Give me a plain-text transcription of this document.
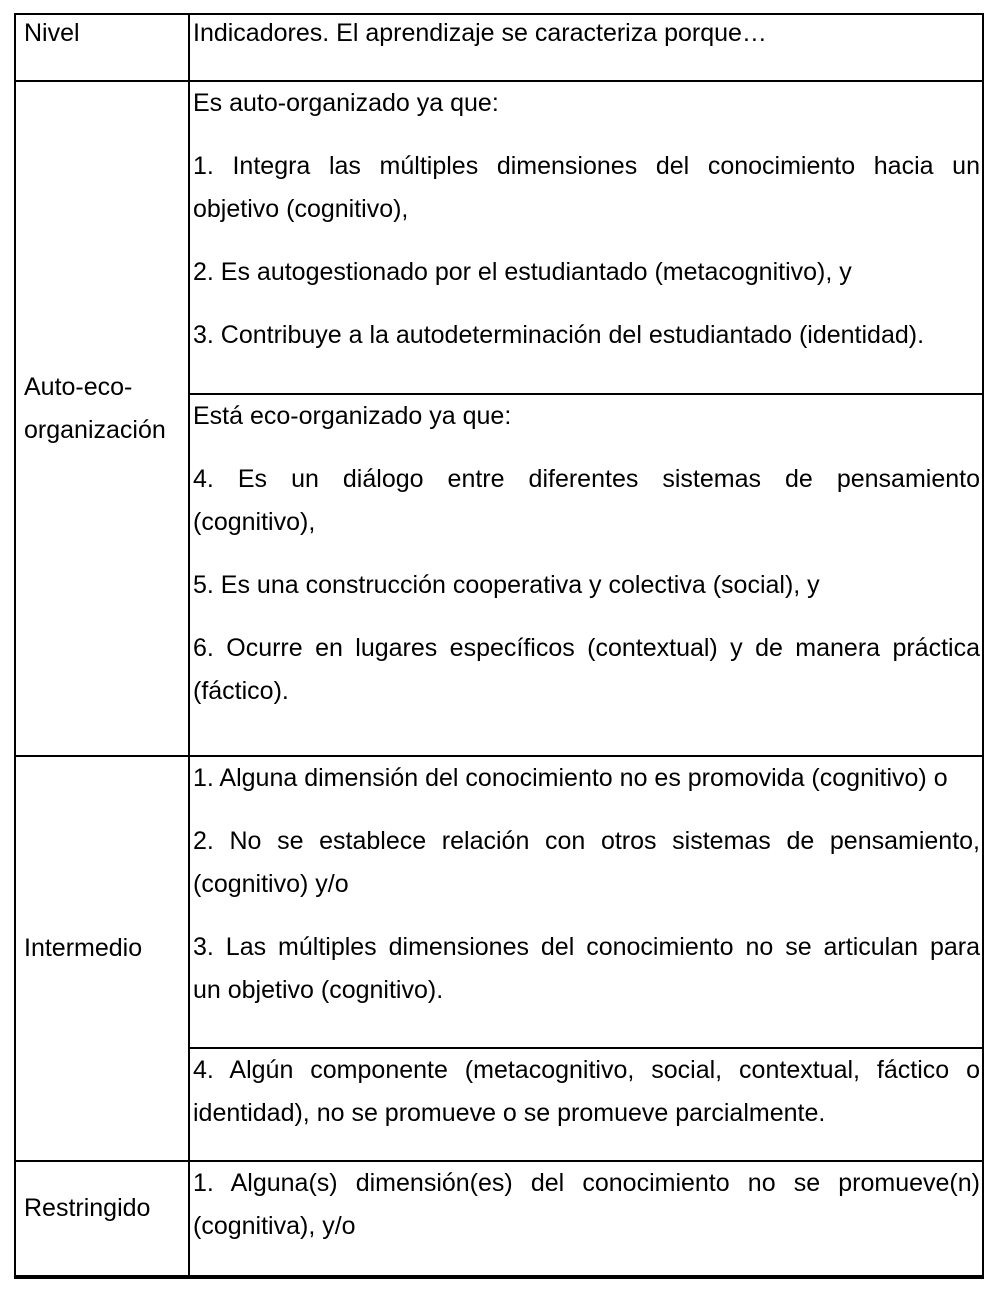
Nivel	Indicadores. El aprendizaje se caracteriza porque…
Auto-eco-organización
Es auto-organizado ya que:
1. Integra las múltiples dimensiones del conocimiento hacia un
objetivo (cognitivo),
2. Es autogestionado por el estudiantado (metacognitivo), y
3. Contribuye a la autodeterminación del estudiantado (identidad).
Está eco-organizado ya que:
4. Es un diálogo entre diferentes sistemas de pensamiento
(cognitivo),
5. Es una construcción cooperativa y colectiva (social), y
6. Ocurre en lugares específicos (contextual) y de manera práctica
(fáctico).
Intermedio
1. Alguna dimensión del conocimiento no es promovida (cognitivo) o
2. No se establece relación con otros sistemas de pensamiento,
(cognitivo) y/o
3. Las múltiples dimensiones del conocimiento no se articulan para
un objetivo (cognitivo).
4. Algún componente (metacognitivo, social, contextual, fáctico o
identidad), no se promueve o se promueve parcialmente.
Restringido
1. Alguna(s) dimensión(es) del conocimiento no se promueve(n)
(cognitiva), y/o
